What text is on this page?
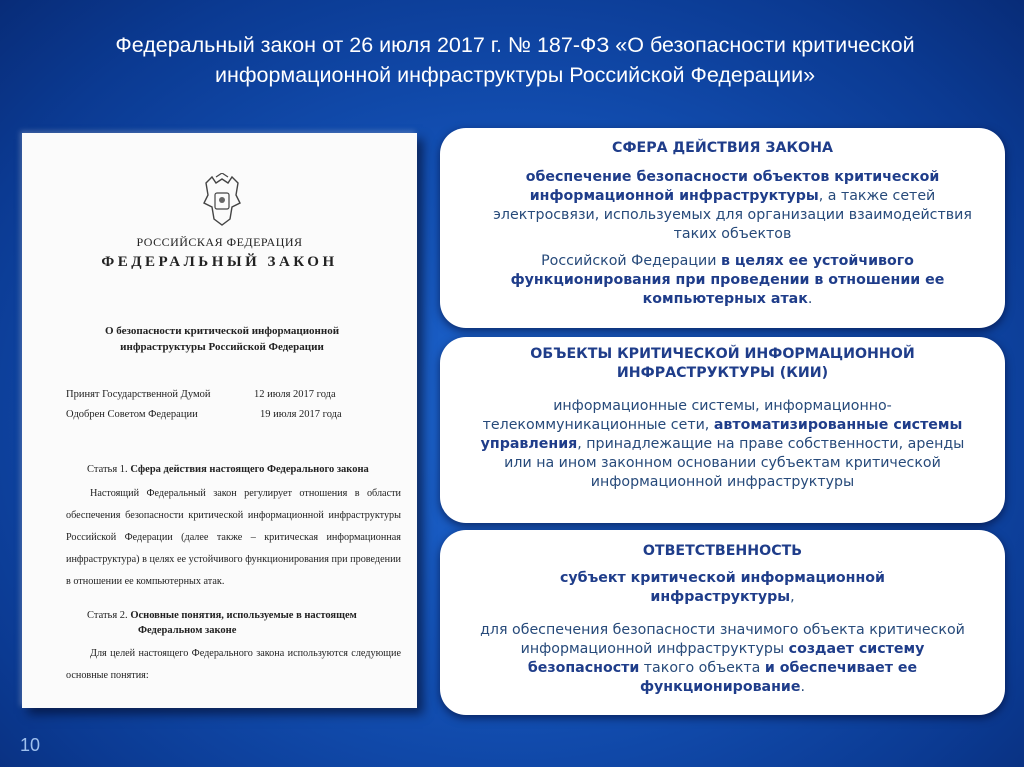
Федеральный закон от 26 июля 2017 г. № 187-ФЗ «О безопасности критической
информационной инфраструктуры Российской Федерации»
РОССИЙСКАЯ ФЕДЕРАЦИЯ
ФЕДЕРАЛЬНЫЙ ЗАКОН
О безопасности критической информационной
инфраструктуры Российской Федерации
Принят Государственной Думой	12 июля 2017 года
Одобрен Советом Федерации	19 июля 2017 года
Статья 1. Сфера действия настоящего Федерального закона
Настоящий Федеральный закон регулирует отношения в области обеспечения безопасности критической информационной инфраструктуры Российской Федерации (далее также – критическая информационная инфраструктура) в целях ее устойчивого функционирования при проведении в отношении ее компьютерных атак.
Статья 2. Основные понятия, используемые в настоящем
Федеральном законе
Для целей настоящего Федерального закона используются следующие основные понятия:
СФЕРА ДЕЙСТВИЯ ЗАКОНА
обеспечение безопасности объектов критической информационной инфраструктуры, а также сетей электросвязи, используемых для организации взаимодействия таких объектов
Российской Федерации в целях ее устойчивого функционирования при проведении в отношении ее компьютерных атак.
ОБЪЕКТЫ КРИТИЧЕСКОЙ ИНФОРМАЦИОННОЙ ИНФРАСТРУКТУРЫ (КИИ)
информационные системы, информационно-телекоммуникационные сети, автоматизированные системы управления, принадлежащие на праве собственности, аренды или на ином законном основании субъектам критической информационной инфраструктуры
ОТВЕТСТВЕННОСТЬ
субъект критической информационной инфраструктуры,
для обеспечения безопасности значимого объекта критической информационной инфраструктуры создает систему безопасности такого объекта и обеспечивает ее функционирование.
10
